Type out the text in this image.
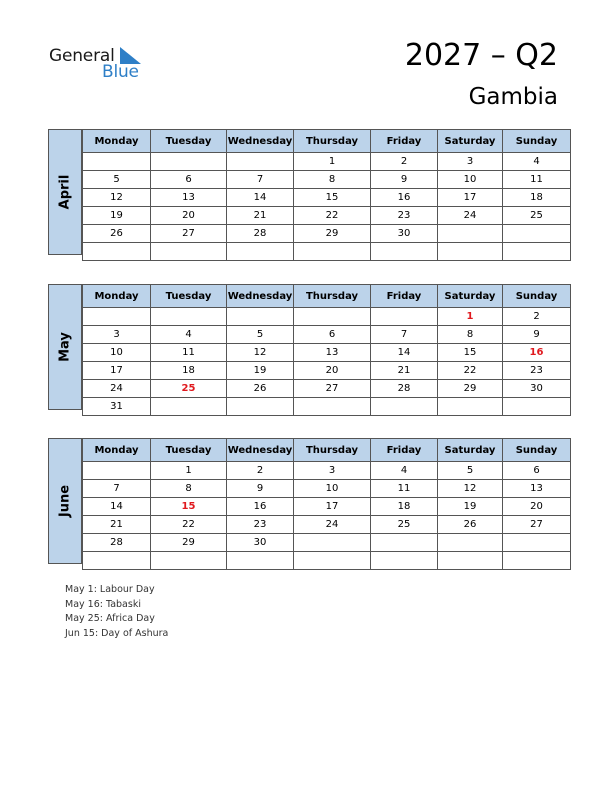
General
Blue	2027 – Q2
Gambia
April
Monday	Tuesday	Wednesday	Thursday	Friday	Saturday	Sunday
			1	2	3	4
5	6	7	8	9	10	11
12	13	14	15	16	17	18
19	20	21	22	23	24	25
26	27	28	29	30		

May
Monday	Tuesday	Wednesday	Thursday	Friday	Saturday	Sunday
					1	2
3	4	5	6	7	8	9
10	11	12	13	14	15	16
17	18	19	20	21	22	23
24	25	26	27	28	29	30
31						
June
Monday	Tuesday	Wednesday	Thursday	Friday	Saturday	Sunday
	1	2	3	4	5	6
7	8	9	10	11	12	13
14	15	16	17	18	19	20
21	22	23	24	25	26	27
28	29	30				

May 1: Labour Day
May 16: Tabaski
May 25: Africa Day
Jun 15: Day of Ashura
